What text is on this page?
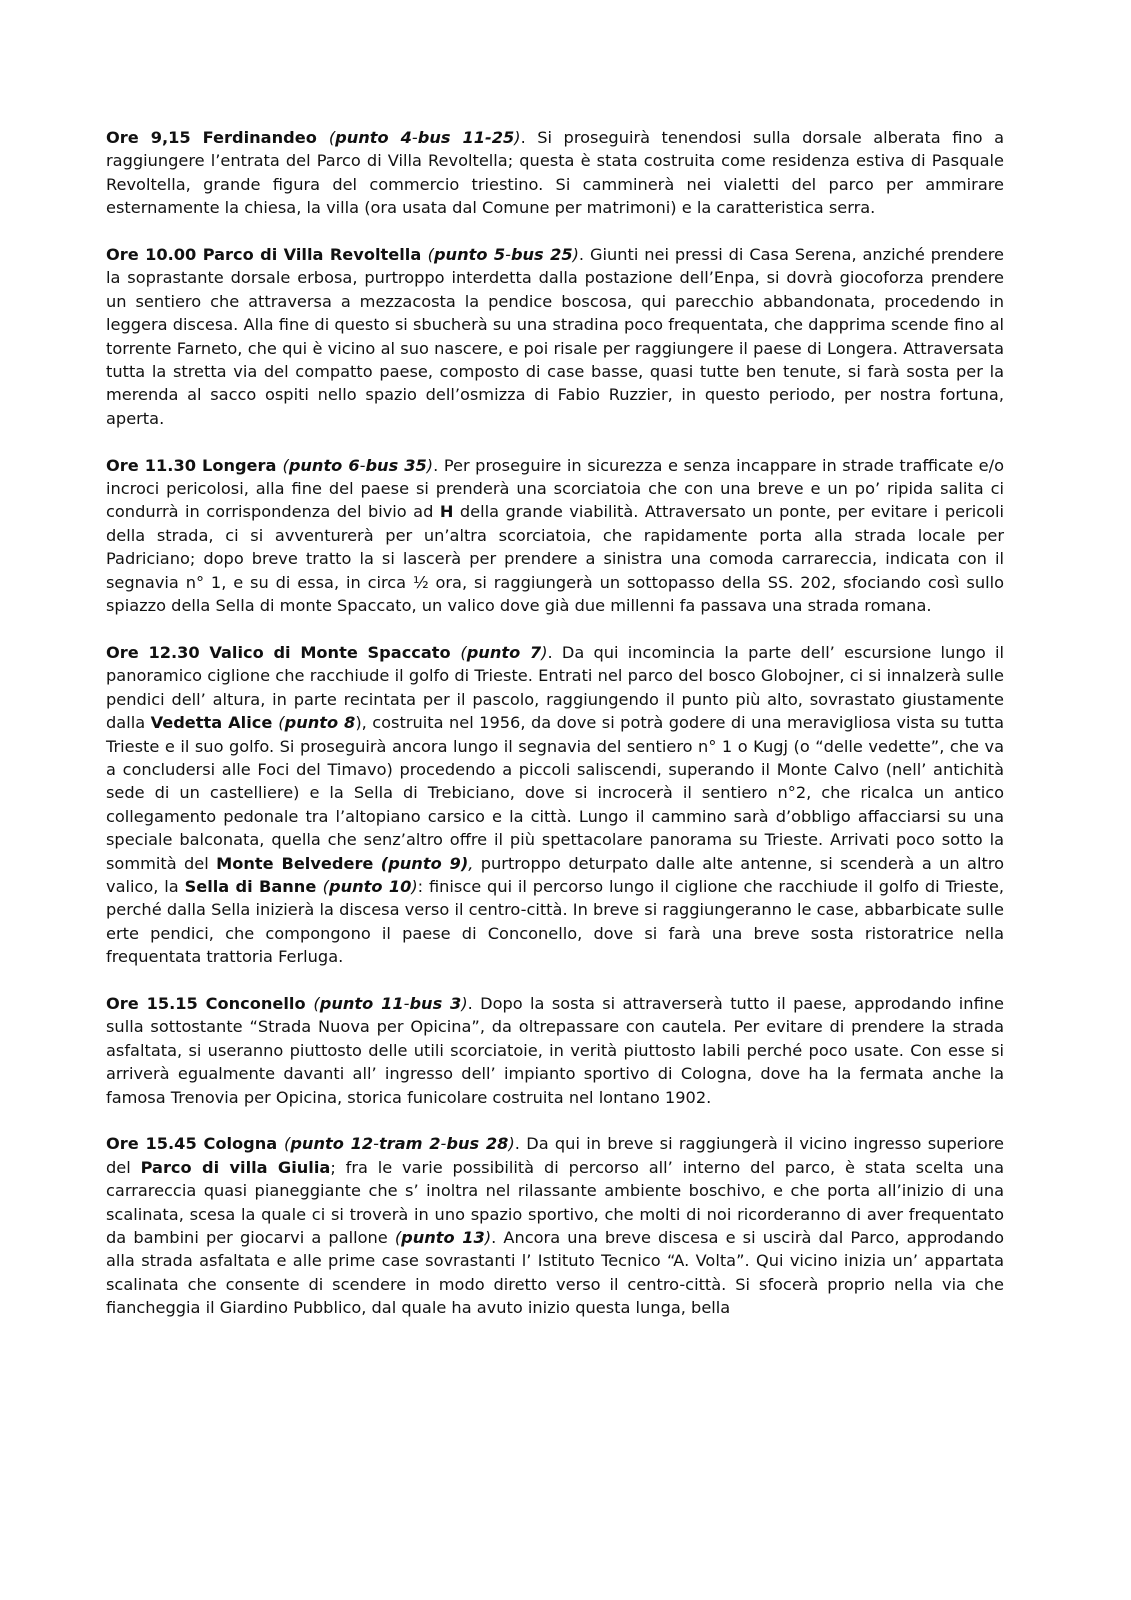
Ore 9,15 Ferdinandeo (punto 4-bus 11-25). Si proseguirà tenendosi sulla dorsale alberata fino a raggiungere l’entrata del Parco di Villa Revoltella; questa è stata costruita come residenza estiva di Pasquale Revoltella, grande figura del commercio triestino. Si camminerà nei vialetti del parco per ammirare esternamente la chiesa, la villa (ora usata dal Comune per matrimoni) e la caratteristica serra.

Ore 10.00 Parco di Villa Revoltella (punto 5-bus 25). Giunti nei pressi di Casa Serena, anziché prendere la soprastante dorsale erbosa, purtroppo interdetta dalla postazione dell’Enpa, si dovrà giocoforza prendere un sentiero che attraversa a mezzacosta la pendice boscosa, qui parecchio abbandonata, procedendo in leggera discesa. Alla fine di questo si sbucherà su una stradina poco frequentata, che dapprima scende fino al torrente Farneto, che qui è vicino al suo nascere, e poi risale per raggiungere il paese di Longera. Attraversata tutta la stretta via del compatto paese, composto di case basse, quasi tutte ben tenute, si farà sosta per la merenda al sacco ospiti nello spazio dell’osmizza di Fabio Ruzzier, in questo periodo, per nostra fortuna, aperta.

Ore 11.30 Longera (punto 6-bus 35). Per proseguire in sicurezza e senza incappare in strade trafficate e/o incroci pericolosi, alla fine del paese si prenderà una scorciatoia che con una breve e un po’ ripida salita ci condurrà in corrispondenza del bivio ad H della grande viabilità. Attraversato un ponte, per evitare i pericoli della strada, ci si avventurerà per un’altra scorciatoia, che rapidamente porta alla strada locale per Padriciano; dopo breve tratto la si lascerà per prendere a sinistra una comoda carrareccia, indicata con il segnavia n° 1, e su di essa, in circa ½ ora, si raggiungerà un sottopasso della SS. 202, sfociando così sullo spiazzo della Sella di monte Spaccato, un valico dove già due millenni fa passava una strada romana.

Ore 12.30 Valico di Monte Spaccato (punto 7). Da qui incomincia la parte dell’ escursione lungo il panoramico ciglione che racchiude il golfo di Trieste. Entrati nel parco del bosco Globojner, ci si innalzerà sulle pendici dell’ altura, in parte recintata per il pascolo, raggiungendo il punto più alto, sovrastato giustamente dalla Vedetta Alice (punto 8), costruita nel 1956, da dove si potrà godere di una meravigliosa vista su tutta Trieste e il suo golfo. Si proseguirà ancora lungo il segnavia del sentiero n° 1 o Kugj (o “delle vedette”, che va a concludersi alle Foci del Timavo) procedendo a piccoli saliscendi, superando il Monte Calvo (nell’ antichità sede di un castelliere) e la Sella di Trebiciano, dove si incrocerà il sentiero n°2, che ricalca un antico collegamento pedonale tra l’altopiano carsico e la città. Lungo il cammino sarà d’obbligo affacciarsi su una speciale balconata, quella che senz’altro offre il più spettacolare panorama su Trieste. Arrivati poco sotto la sommità del Monte Belvedere (punto 9), purtroppo deturpato dalle alte antenne, si scenderà a un altro valico, la Sella di Banne (punto 10): finisce qui il percorso lungo il ciglione che racchiude il golfo di Trieste, perché dalla Sella inizierà la discesa verso il centro-città. In breve si raggiungeranno le case, abbarbicate sulle erte pendici, che compongono il paese di Conconello, dove si farà una breve sosta ristoratrice nella frequentata trattoria Ferluga.

Ore 15.15 Conconello (punto 11-bus 3). Dopo la sosta si attraverserà tutto il paese, approdando infine sulla sottostante “Strada Nuova per Opicina”, da oltrepassare con cautela. Per evitare di prendere la strada asfaltata, si useranno piuttosto delle utili scorciatoie, in verità piuttosto labili perché poco usate. Con esse si arriverà egualmente davanti all’ ingresso dell’ impianto sportivo di Cologna, dove ha la fermata anche la famosa Trenovia per Opicina, storica funicolare costruita nel lontano 1902.

Ore 15.45 Cologna (punto 12-tram 2-bus 28). Da qui in breve si raggiungerà il vicino ingresso superiore del Parco di villa Giulia; fra le varie possibilità di percorso all’ interno del parco, è stata scelta una carrareccia quasi pianeggiante che s’ inoltra nel rilassante ambiente boschivo, e che porta all’inizio di una scalinata, scesa la quale ci si troverà in uno spazio sportivo, che molti di noi ricorderanno di aver frequentato da bambini per giocarvi a pallone (punto 13). Ancora una breve discesa e si uscirà dal Parco, approdando alla strada asfaltata e alle prime case sovrastanti l’ Istituto Tecnico “A. Volta”. Qui vicino inizia un’ appartata scalinata che consente di scendere in modo diretto verso il centro-città. Si sfocerà proprio nella via che fiancheggia il Giardino Pubblico, dal quale ha avuto inizio questa lunga, bella
